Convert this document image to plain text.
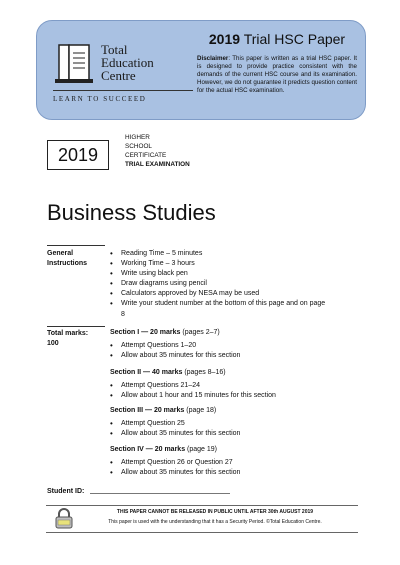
Total
Education
Centre
LEARN TO SUCCEED
2019 Trial HSC Paper
Disclaimer: This paper is written as a trial HSC paper. It is designed to provide practice consistent with the demands of the current HSC course and its examination. However, we do not guarantee it predicts question content for the actual HSC examination.
2019
HIGHER
SCHOOL
CERTIFICATE
TRIAL EXAMINATION
Business Studies
General
Instructions
• Reading Time – 5 minutes
• Working Time – 3 hours
• Write using black pen
• Draw diagrams using pencil
• Calculators approved by NESA may be used
• Write your student number at the bottom of this page and on page 8
Total marks:
100
Section I — 20 marks (pages 2–7)
• Attempt Questions 1–20
• Allow about 35 minutes for this section
Section II — 40 marks (pages 8–16)
• Attempt Questions 21–24
• Allow about 1 hour and 15 minutes for this section
Section III — 20 marks (page 18)
• Attempt Question 25
• Allow about 35 minutes for this section
Section IV — 20 marks (page 19)
• Attempt Question 26 or Question 27
• Allow about 35 minutes for this section
Student ID:
THIS PAPER CANNOT BE RELEASED IN PUBLIC UNTIL AFTER 30th AUGUST 2019
This paper is used with the understanding that it has a Security Period. ©Total Education Centre.
